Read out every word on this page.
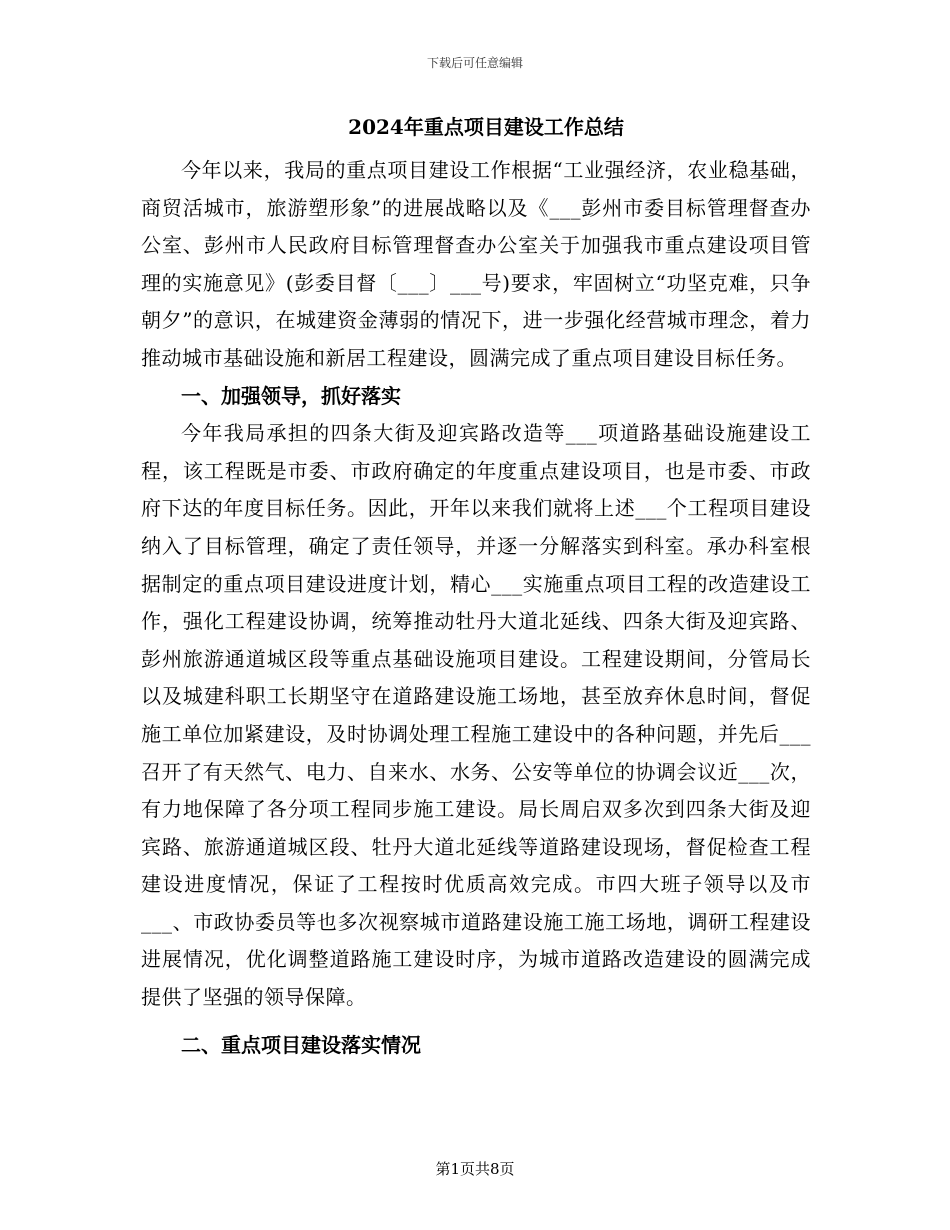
下载后可任意编辑
2024年重点项目建设工作总结

今年以来，我局的重点项目建设工作根据“工业强经济，农业稳基础，商贸活城市，旅游塑形象”的进展战略以及《___彭州市委目标管理督查办公室、彭州市人民政府目标管理督查办公室关于加强我市重点建设项目管理的实施意见》(彭委目督〔___〕___号)要求，牢固树立“功坚克难，只争朝夕”的意识，在城建资金薄弱的情况下，进一步强化经营城市理念，着力推动城市基础设施和新居工程建设，圆满完成了重点项目建设目标任务。

一、加强领导，抓好落实

今年我局承担的四条大街及迎宾路改造等___项道路基础设施建设工程，该工程既是市委、市政府确定的年度重点建设项目，也是市委、市政府下达的年度目标任务。因此，开年以来我们就将上述___个工程项目建设纳入了目标管理，确定了责任领导，并逐一分解落实到科室。承办科室根据制定的重点项目建设进度计划，精心___实施重点项目工程的改造建设工作，强化工程建设协调，统筹推动牡丹大道北延线、四条大街及迎宾路、彭州旅游通道城区段等重点基础设施项目建设。工程建设期间，分管局长以及城建科职工长期坚守在道路建设施工场地，甚至放弃休息时间，督促施工单位加紧建设，及时协调处理工程施工建设中的各种问题，并先后___召开了有天然气、电力、自来水、水务、公安等单位的协调会议近___次，有力地保障了各分项工程同步施工建设。局长周启双多次到四条大街及迎宾路、旅游通道城区段、牡丹大道北延线等道路建设现场，督促检查工程建设进度情况，保证了工程按时优质高效完成。市四大班子领导以及市___、市政协委员等也多次视察城市道路建设施工施工场地，调研工程建设进展情况，优化调整道路施工建设时序，为城市道路改造建设的圆满完成提供了坚强的领导保障。

二、重点项目建设落实情况

第1页共8页
